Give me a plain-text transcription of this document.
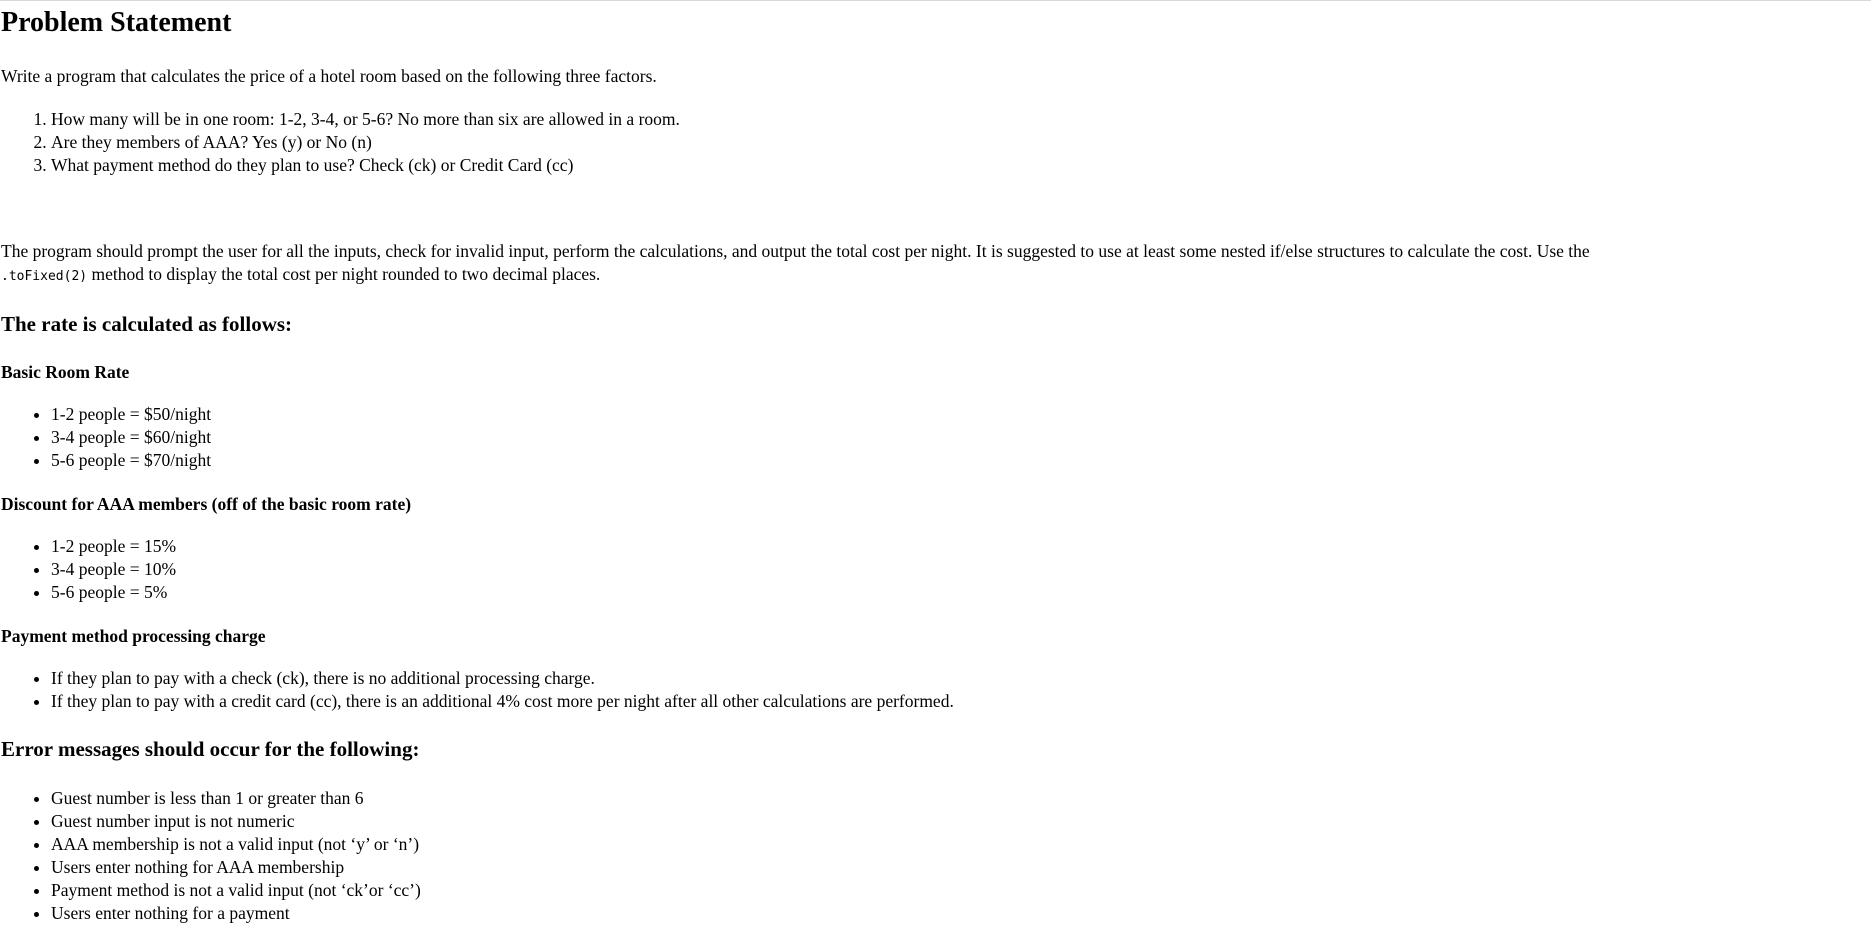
Problem Statement

Write a program that calculates the price of a hotel room based on the following three factors.

1. How many will be in one room: 1-2, 3-4, or 5-6? No more than six are allowed in a room.
2. Are they members of AAA? Yes (y) or No (n)
3. What payment method do they plan to use? Check (ck) or Credit Card (cc)

The program should prompt the user for all the inputs, check for invalid input, perform the calculations, and output the total cost per night. It is suggested to use at least some nested if/else structures to calculate the cost. Use the
.toFixed(2) method to display the total cost per night rounded to two decimal places.

The rate is calculated as follows:
Basic Room Rate
• 1-2 people = $50/night
• 3-4 people = $60/night
• 5-6 people = $70/night
Discount for AAA members (off of the basic room rate)
• 1-2 people = 15%
• 3-4 people = 10%
• 5-6 people = 5%
Payment method processing charge
• If they plan to pay with a check (ck), there is no additional processing charge.
• If they plan to pay with a credit card (cc), there is an additional 4% cost more per night after all other calculations are performed.
Error messages should occur for the following:
• Guest number is less than 1 or greater than 6
• Guest number input is not numeric
• AAA membership is not a valid input (not ‘y’ or ‘n’)
• Users enter nothing for AAA membership
• Payment method is not a valid input (not ‘ck’or ‘cc’)
• Users enter nothing for a payment
